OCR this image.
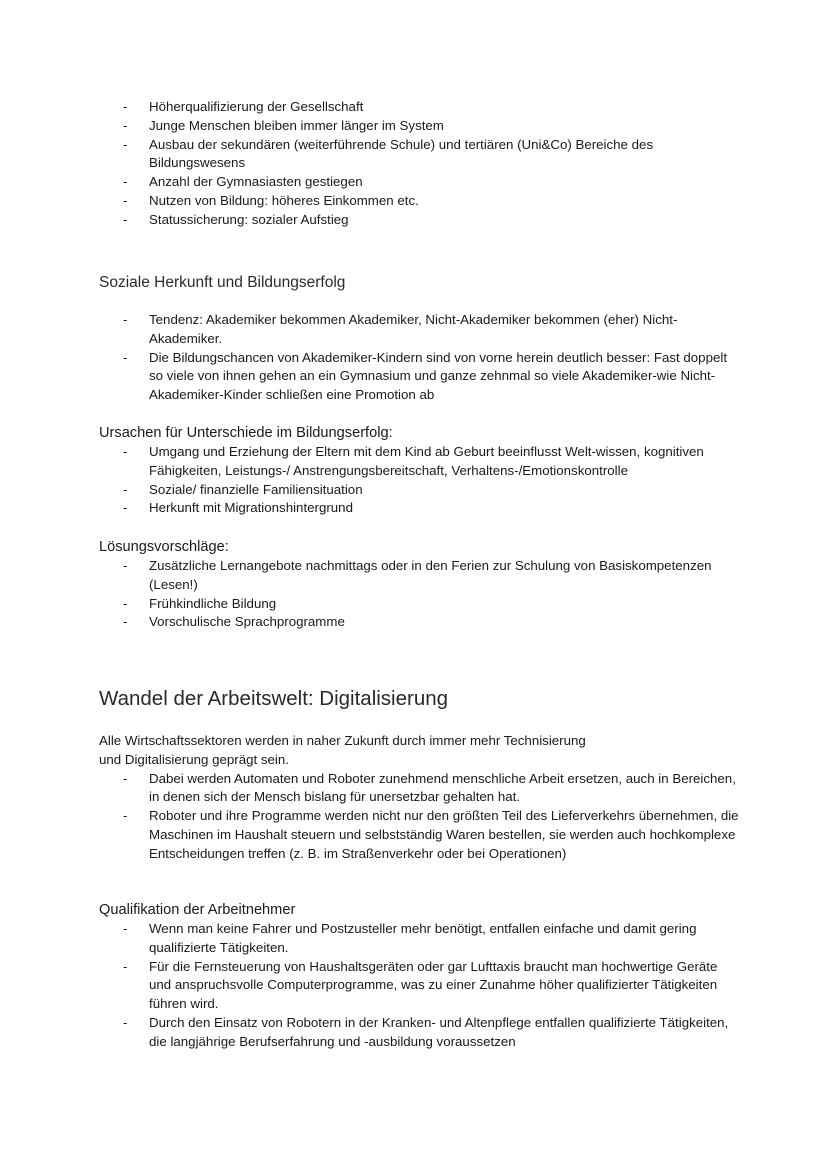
- Höherqualifizierung der Gesellschaft
- Junge Menschen bleiben immer länger im System
- Ausbau der sekundären (weiterführende Schule) und tertiären (Uni&Co) Bereiche des Bildungswesens
- Anzahl der Gymnasiasten gestiegen
- Nutzen von Bildung: höheres Einkommen etc.
- Statussicherung: sozialer Aufstieg
Soziale Herkunft und Bildungserfolg
- Tendenz: Akademiker bekommen Akademiker, Nicht-Akademiker bekommen (eher) Nicht-Akademiker.
- Die Bildungschancen von Akademiker-Kindern sind von vorne herein deutlich besser: Fast doppelt so viele von ihnen gehen an ein Gymnasium und ganze zehnmal so viele Akademiker-wie Nicht-Akademiker-Kinder schließen eine Promotion ab
Ursachen für Unterschiede im Bildungserfolg:
- Umgang und Erziehung der Eltern mit dem Kind ab Geburt beeinflusst Welt-wissen, kognitiven Fähigkeiten, Leistungs-/ Anstrengungsbereitschaft, Verhaltens-/Emotionskontrolle
- Soziale/ finanzielle Familiensituation
- Herkunft mit Migrationshintergrund
Lösungsvorschläge:
- Zusätzliche Lernangebote nachmittags oder in den Ferien zur Schulung von Basiskompetenzen (Lesen!)
- Frühkindliche Bildung
- Vorschulische Sprachprogramme
Wandel der Arbeitswelt: Digitalisierung

Alle Wirtschaftssektoren werden in naher Zukunft durch immer mehr Technisierung

und Digitalisierung geprägt sein.

- Dabei werden Automaten und Roboter zunehmend menschliche Arbeit ersetzen, auch in Bereichen, in denen sich der Mensch bislang für unersetzbar gehalten hat.
- Roboter und ihre Programme werden nicht nur den größten Teil des Lieferverkehrs übernehmen, die Maschinen im Haushalt steuern und selbstständig Waren bestellen, sie werden auch hochkomplexe Entscheidungen treffen (z. B. im Straßenverkehr oder bei Operationen)
Qualifikation der Arbeitnehmer
- Wenn man keine Fahrer und Postzusteller mehr benötigt, entfallen einfache und damit gering qualifizierte Tätigkeiten.
- Für die Fernsteuerung von Haushaltsgeräten oder gar Lufttaxis braucht man hochwertige Geräte und anspruchsvolle Computerprogramme, was zu einer Zunahme höher qualifizierter Tätigkeiten führen wird.
- Durch den Einsatz von Robotern in der Kranken- und Altenpflege entfallen qualifizierte Tätigkeiten, die langjährige Berufserfahrung und -ausbildung voraussetzen
